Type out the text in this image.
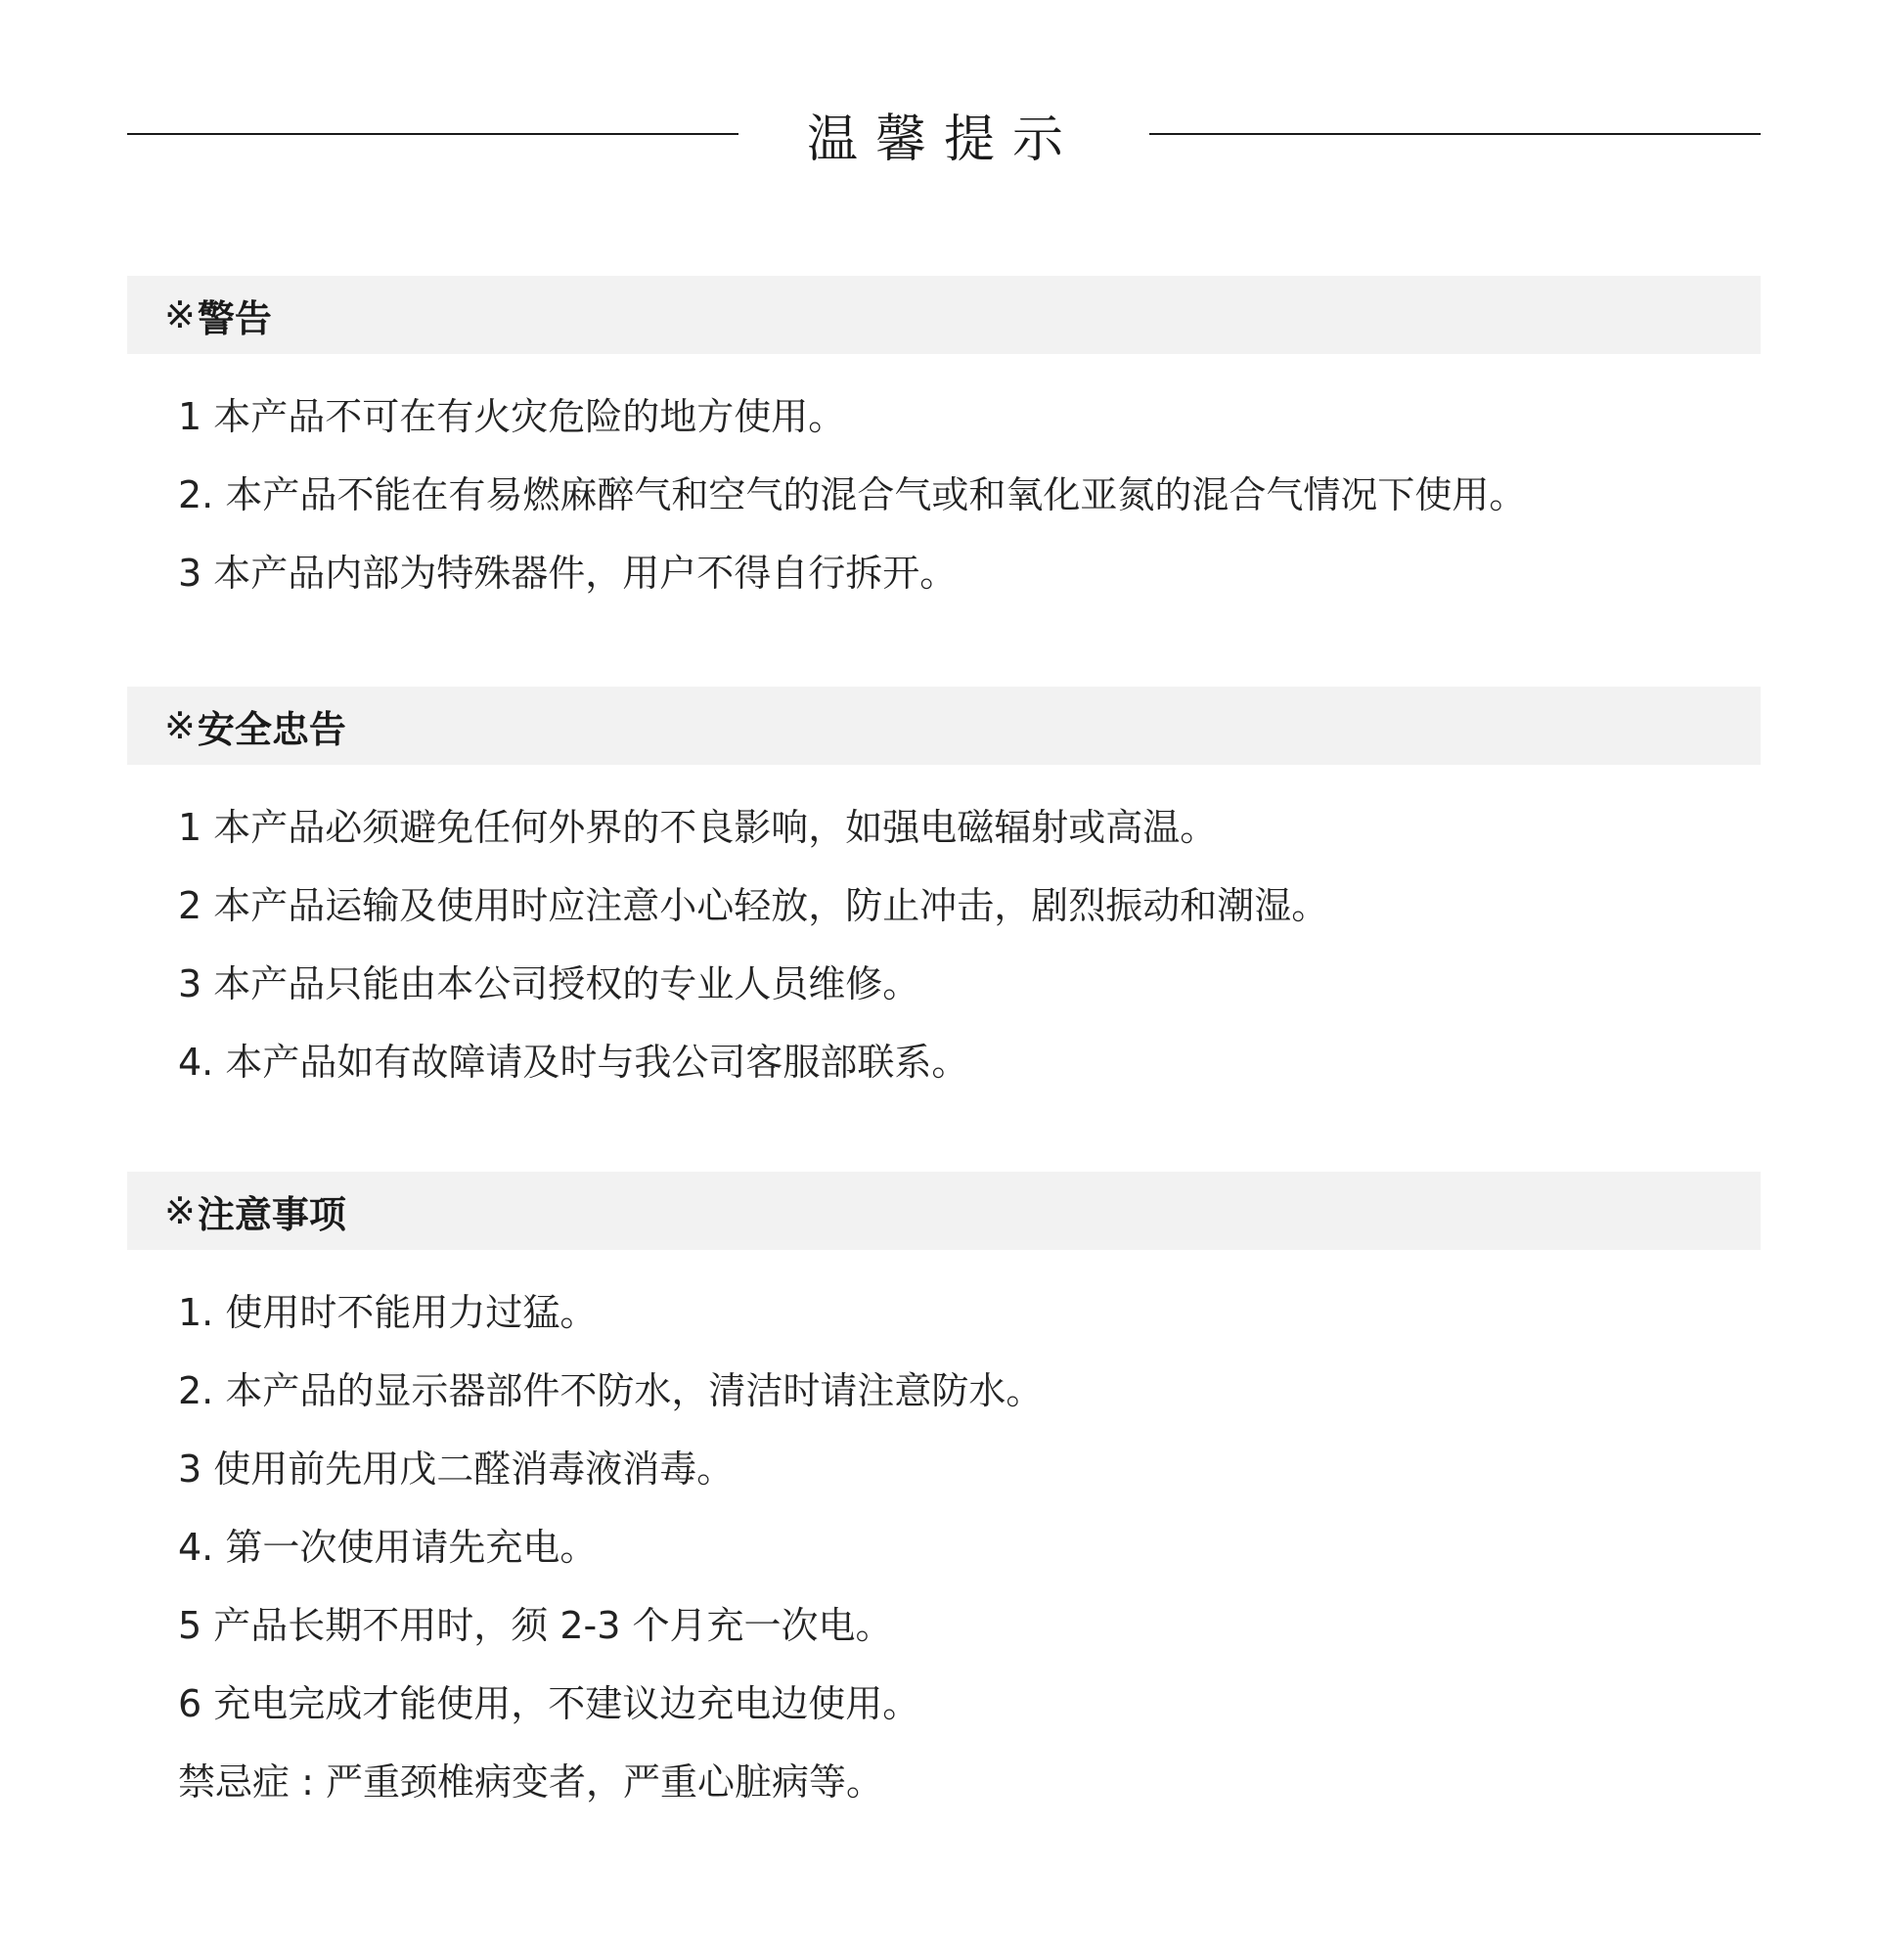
温馨提示
※ 警告
1 本产品不可在有火灾危险的地方使用。
2. 本产品不能在有易燃麻醉气和空气的混合气或和氧化亚氮的混合气情况下使用。
3 本产品内部为特殊器件，用户不得自行拆开。
※ 安全忠告
1 本产品必须避免任何外界的不良影响，如强电磁辐射或高温。
2 本产品运输及使用时应注意小心轻放，防止冲击，剧烈振动和潮湿。
3 本产品只能由本公司授权的专业人员维修。
4. 本产品如有故障请及时与我公司客服部联系。
※ 注意事项
1. 使用时不能用力过猛。
2. 本产品的显示器部件不防水，清洁时请注意防水。
3 使用前先用戊二醛消毒液消毒。
4. 第一次使用请先充电。
5 产品长期不用时，须 2-3 个月充一次电。
6 充电完成才能使用，不建议边充电边使用。
禁忌症 : 严重颈椎病变者，严重心脏病等。
